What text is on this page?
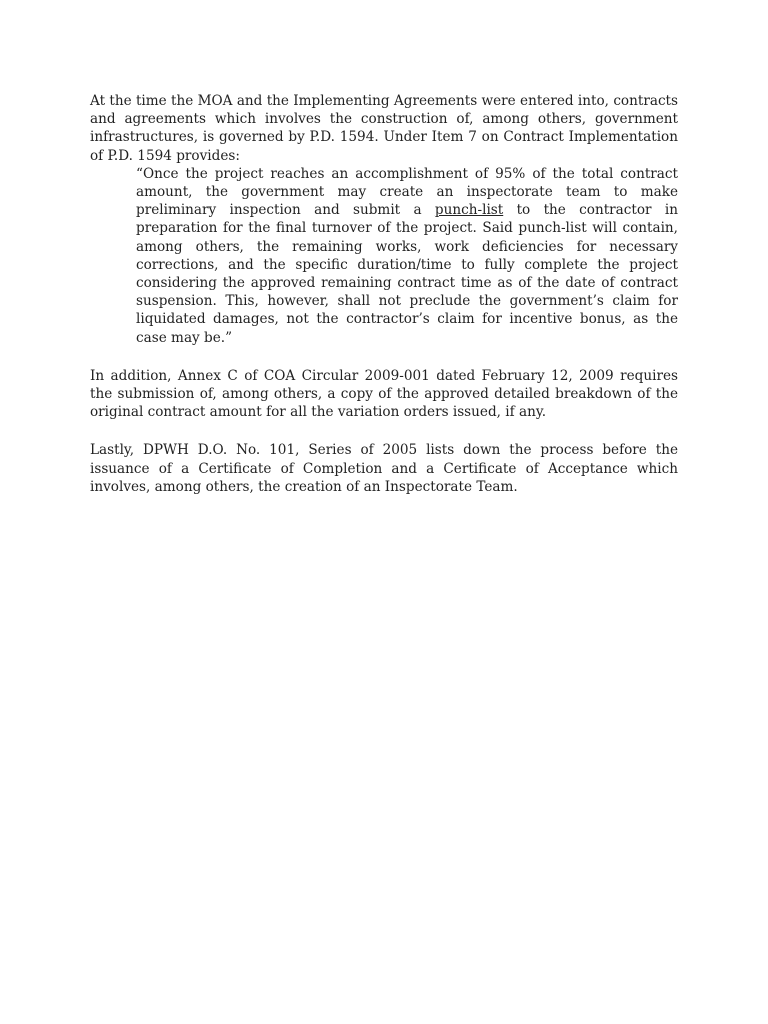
At the time the MOA and the Implementing Agreements were entered into, contracts and agreements which involves the construction of, among others, government infrastructures, is governed by P.D. 1594. Under Item 7 on Contract Implementation of P.D. 1594 provides:

“Once the project reaches an accomplishment of 95% of the total contract amount, the government may create an inspectorate team to make preliminary inspection and submit a punch-list to the contractor in preparation for the final turnover of the project. Said punch-list will contain, among others, the remaining works, work deficiencies for necessary corrections, and the specific duration/time to fully complete the project considering the approved remaining contract time as of the date of contract suspension. This, however, shall not preclude the government’s claim for liquidated damages, not the contractor’s claim for incentive bonus, as the case may be.”

In addition, Annex C of COA Circular 2009-001 dated February 12, 2009 requires the submission of, among others, a copy of the approved detailed breakdown of the original contract amount for all the variation orders issued, if any.

Lastly, DPWH D.O. No. 101, Series of 2005 lists down the process before the issuance of a Certificate of Completion and a Certificate of Acceptance which involves, among others, the creation of an Inspectorate Team.
